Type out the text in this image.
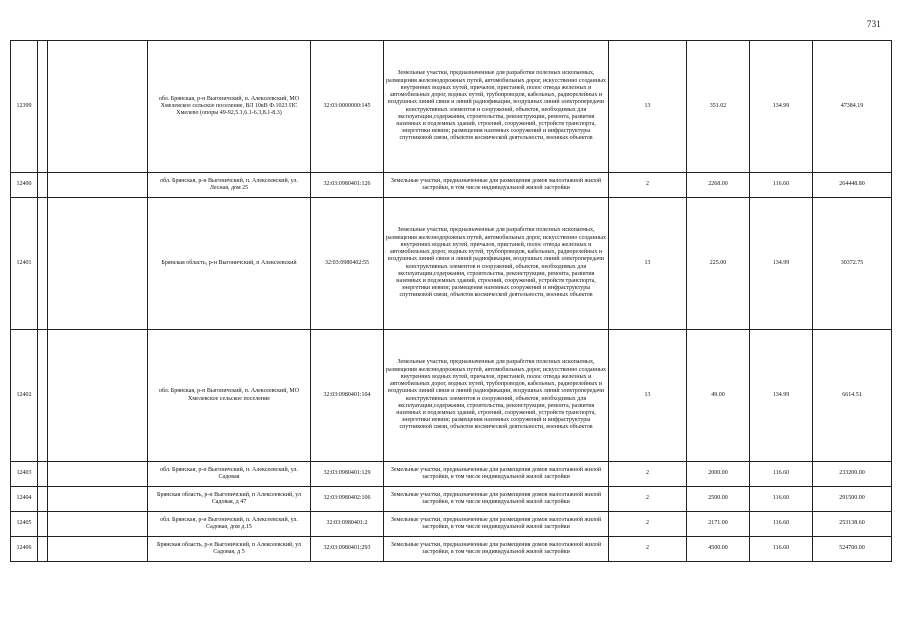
731
12399			обл. Брянская, р-н Выгоничский, п. Алексеевский, МО Хмелевское сельское поселение, ВЛ 10кВ Ф.1023 ПС Хмелево (опоры 49-92,5.1,6.1-6.3,8.1-8.3)	32:03:0000000:145	Земельные участки, предназначенные для разработки полезных ископаемых, размещения железнодорожных путей, автомобильных дорог, искусственно созданных внутренних водных путей, причалов, пристаней, полос отвода железных и автомобильных дорог, водных путей, трубопроводов, кабельных, радиорелейных и воздушных линий связи и линий радиофикации, воздушных линий электропередачи конструктивных элементов и сооружений, объектов, необходимых для эксплуатации,содержания, строительства, реконструкции, ремонта, развития наземных и подземных зданий, строений, сооружений, устройств транспорта, энергетики иевязи; размещения наземных сооружений и инфраструктуры спутниковой связи, объектов космической деятельности, военных объектов	13	351.02	134.99	47384.19
12400			обл. Брянская, р-н Выгоничский, п. Алексеевский, ул. Лесная, дом 25	32:03:0980401:126	Земельные участки, предназначенные для размещения домов малоэтажной жилой застройки, в том числе индивидуальной жилой застройки	2	2268.00	116.60	264448.80
12401			Брянская область, р-н Выгоничский, п Алексеевский	32:03:0980402:55	Земельные участки, предназначенные для разработки полезных ископаемых, размещения железнодорожных путей, автомобильных дорог, искусственно созданных внутренних водных путей, причалов, пристаней, полос отвода железных и автомобильных дорог, водных путей, трубопроводов, кабельных, радиорелейных и воздушных линий связи и линий радиофикации, воздушных линий электропередачи конструктивных элементов и сооружений, объектов, необходимых для эксплуатации,содержания, строительства, реконструкции, ремонта, развития наземных и подземных зданий, строений, сооружений, устройств транспорта, энергетики иевязи; размещения наземных сооружений и инфраструктуры спутниковой связи, объектов космической деятельности, военных объектов	13	225.00	134.99	30372.75
12402			обл. Брянская, р-н Выгоничский, п. Алексеевский, МО Хмелевское сельское поселение	32:03:0980401:104	Земельные участки, предназначенные для разработки полезных ископаемых, размещения железнодорожных путей, автомобильных дорог, искусственно созданных внутренних водных путей, причалов, пристаней, полос отвода железных и автомобильных дорог, водных путей, трубопроводов, кабельных, радиорелейных и воздушных линий связи и линий радиофикации, воздушных линий электропередачи конструктивных элементов и сооружений, объектов, необходимых для эксплуатации,содержания, строительства, реконструкции, ремонта, развития наземных и подземных зданий, строений, сооружений, устройств транспорта, энергетики иевязи; размещения наземных сооружений и инфраструктуры спутниковой связи, объектов космической деятельности, военных объектов	13	49.00	134.99	6614.51
12403			обл. Брянская, р-н Выгоничский, п. Алексеевский, ул. Садовая	32:03:0980401:129	Земельные участки, предназначенные для размещения домов малоэтажной жилой застройки, в том числе индивидуальной жилой застройки	2	2000.00	116.60	233200.00
12404			Брянская область, р-н Выгоничский, п Алексеевский, ул Садовая, д 47	32:03:0980402:106	Земельные участки, предназначенные для размещения домов малоэтажной жилой застройки, в том числе индивидуальной жилой застройки	2	2500.00	116.60	291500.00
12405			обл. Брянская, р-н Выгоничский, п. Алексеевский, ул. Садовая, дом д.15	32:03:0980401:2	Земельные участки, предназначенные для размещения домов малоэтажной жилой застройки, в том числе индивидуальной жилой застройки	2	2171.00	116.60	253138.60
12406			Брянская область, р-н Выгоничский, п Алексеевский, ул Садовая, д 5	32:03:0980401:293	Земельные участки, предназначенные для размещения домов малоэтажной жилой застройки, в том числе индивидуальной жилой застройки	2	4500.00	116.60	524700.00
